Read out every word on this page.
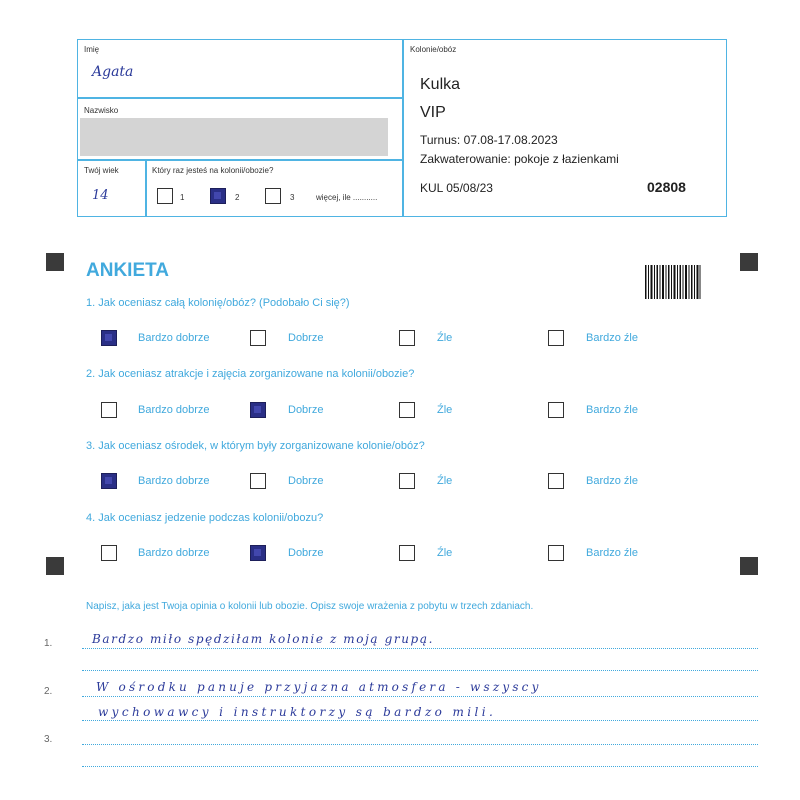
Imię
Agata
Nazwisko
Twój wiek
14
Który raz jesteś na kolonii/obozie?
1	2	3	więcej, ile ...........
Kolonie/obóz
Kulka
VIP
Turnus: 07.08-17.08.2023
Zakwaterowanie: pokoje z łazienkami
KUL 05/08/23	02808
ANKIETA
1. Jak oceniasz całą kolonię/obóz? (Podobało Ci się?)
Bardzo dobrze	Dobrze	Źle	Bardzo źle
2. Jak oceniasz atrakcje i zajęcia zorganizowane na kolonii/obozie?
Bardzo dobrze	Dobrze	Źle	Bardzo źle
3. Jak oceniasz ośrodek, w którym były zorganizowane kolonie/obóz?
Bardzo dobrze	Dobrze	Źle	Bardzo źle
4. Jak oceniasz jedzenie podczas kolonii/obozu?
Bardzo dobrze	Dobrze	Źle	Bardzo źle
Napisz, jaka jest Twoja opinia o kolonii lub obozie. Opisz swoje wrażenia z pobytu w trzech zdaniach.
1.	Bardzo miło spędziłam kolonie z moją grupą.
2.	W ośrodku panuje przyjazna atmosfera - wszyscy
wychowawcy i instruktorzy są bardzo mili.
3.
